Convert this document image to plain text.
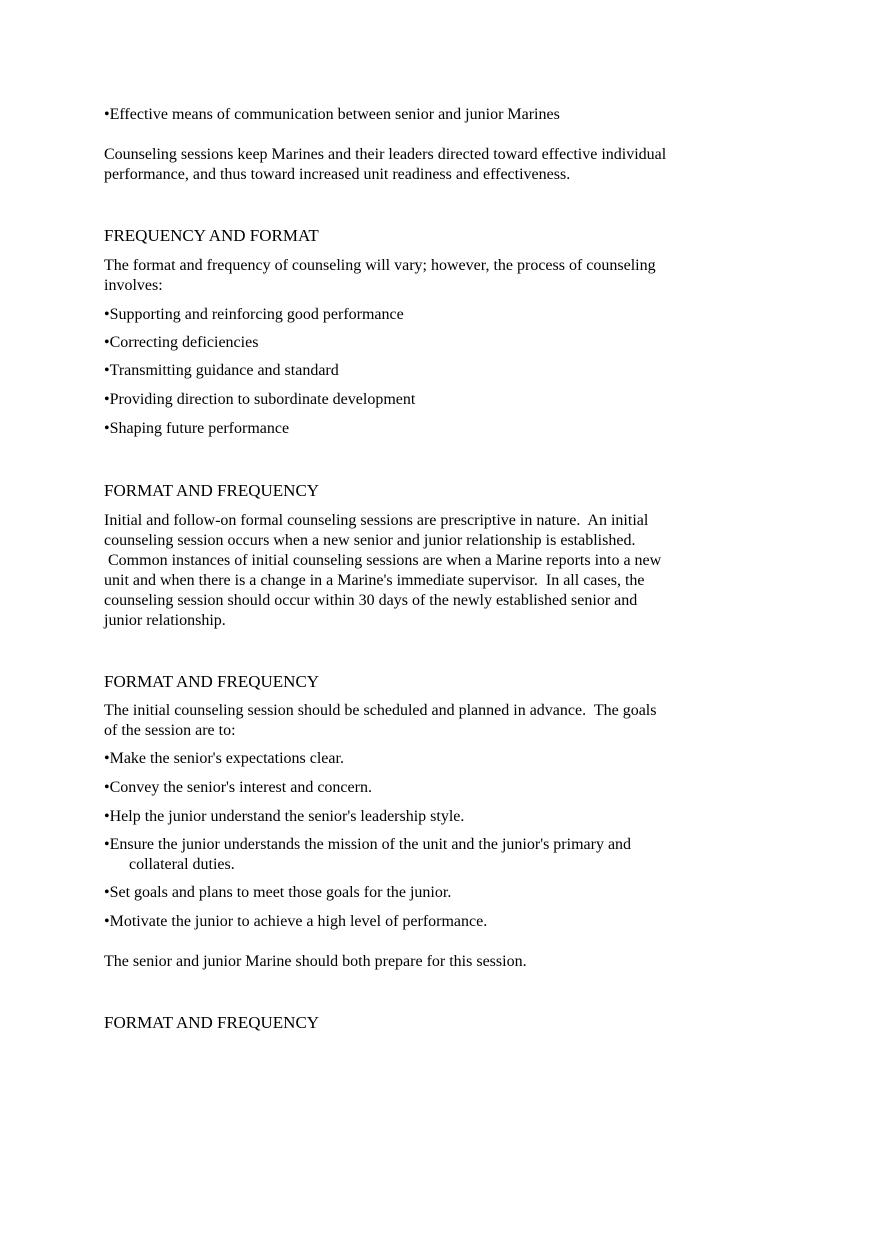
•Effective means of communication between senior and junior Marines

Counseling sessions keep Marines and their leaders directed toward effective individual

performance, and thus toward increased unit readiness and effectiveness.

FREQUENCY AND FORMAT

The format and frequency of counseling will vary; however, the process of counseling

involves:

•Supporting and reinforcing good performance

•Correcting deficiencies

•Transmitting guidance and standard

•Providing direction to subordinate development

•Shaping future performance

FORMAT AND FREQUENCY

Initial and follow-on formal counseling sessions are prescriptive in nature.  An initial

counseling session occurs when a new senior and junior relationship is established.

Common instances of initial counseling sessions are when a Marine reports into a new

unit and when there is a change in a Marine's immediate supervisor.  In all cases, the

counseling session should occur within 30 days of the newly established senior and

junior relationship.

FORMAT AND FREQUENCY

The initial counseling session should be scheduled and planned in advance.  The goals

of the session are to:

•Make the senior's expectations clear.

•Convey the senior's interest and concern.

•Help the junior understand the senior's leadership style.

•Ensure the junior understands the mission of the unit and the junior's primary and

collateral duties.

•Set goals and plans to meet those goals for the junior.

•Motivate the junior to achieve a high level of performance.

The senior and junior Marine should both prepare for this session.

FORMAT AND FREQUENCY
